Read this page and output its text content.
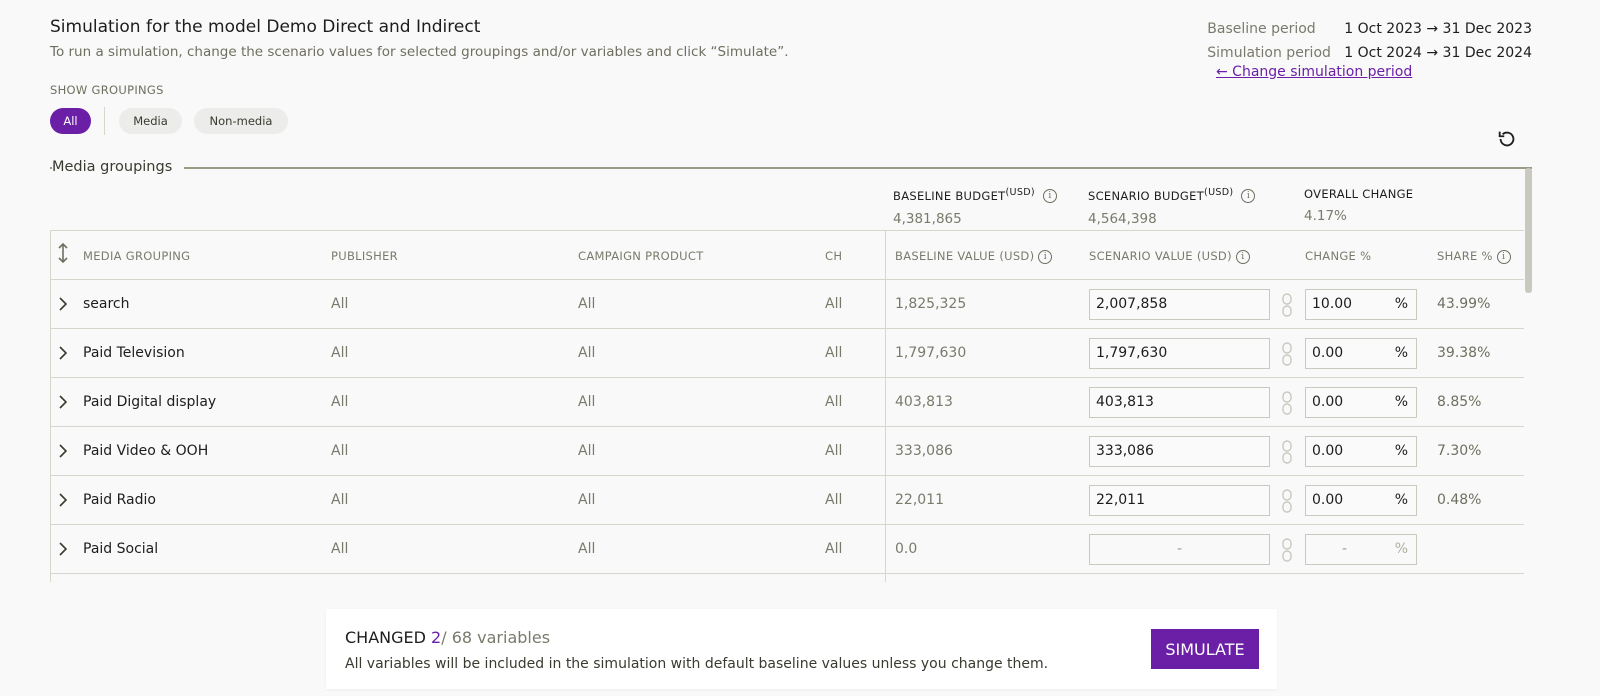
Simulation for the model Demo Direct and Indirect
To run a simulation, change the scenario values for selected groupings and/or variables and click “Simulate”.
SHOW GROUPINGS
All	Media	Non-media
Baseline period	1 Oct 2023 → 31 Dec 2023
Simulation period 1 Oct 2024 → 31 Dec 2024
← Change simulation period
Media groupings
BASELINE $BUDGET^{(USD)}$ i
4,381,865
SCENARIO $BUDGET^{(USD)}$ i
4,564,398
OVERALL CHANGE
4.17%
MEDIA GROUPING	PUBLISHER	CAMPAIGN PRODUCT	CH	BASELINE VALUE (USD) i	SCENARIO VALUE (USD) i	CHANGE %	SHARE % i
search	All	All	All	1,825,325	2,007,858	10.00	% 43.99%
Paid Television	All	All	All	1,797,630	1,797,630	0.00	% 39.38%
Paid Digital display	All	All	All	403,813	403,813	0.00	% 8.85%
Paid Video & OOH	All	All	All	333,086	333,086	0.00	% 7.30%
Paid Radio	All	All	All	22,011	22,011	0.00	% 0.48%
Paid Social	All	All	All	0.0	-	-	%
CHANGED 2/ 68 variables
All variables will be included in the simulation with default baseline values unless you change them.
SIMULATE
